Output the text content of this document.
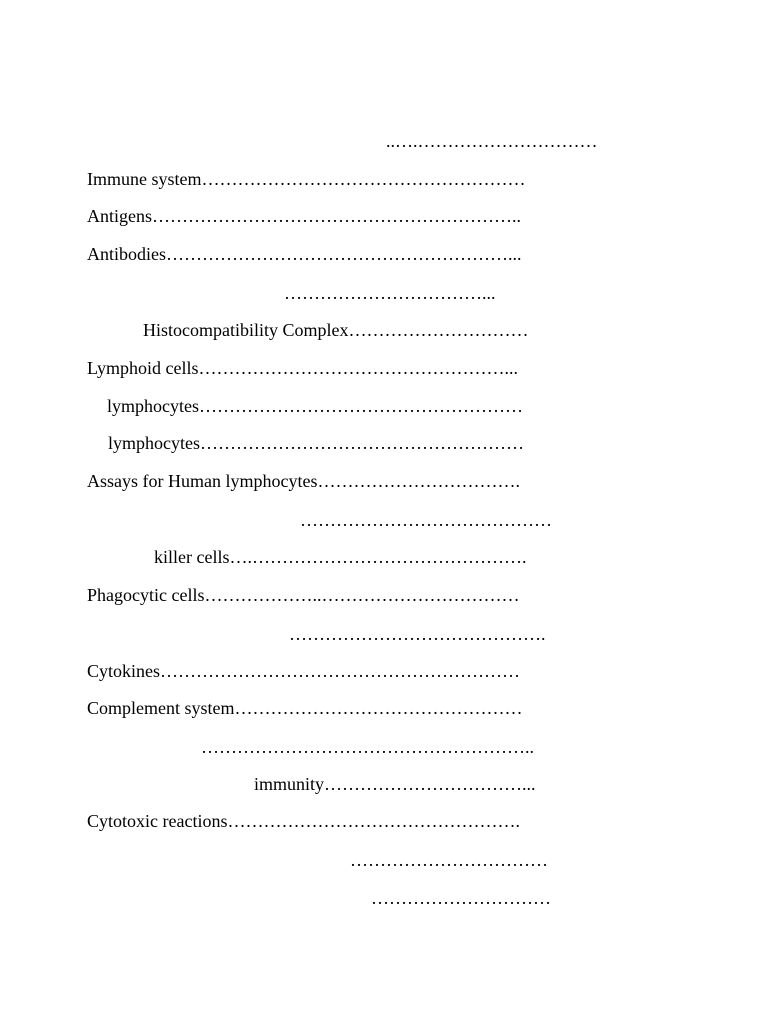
..….…………………………
Immune system………………………………………………
Antigens……………………………………………………..
Antibodies…………………………………………………...
……………………………...
Histocompatibility Complex…………………………
Lymphoid cells……………………………………………...
lymphocytes………………………………………………
lymphocytes………………………………………………
Assays for Human lymphocytes…………………………….
……………………………………
killer cells….……………………………………….
Phagocytic cells………………..……………………………
…………………………………….
Cytokines……………………………………………………
Complement system…………………………………………
………………………………………………..
immunity……………………………...
Cytotoxic reactions………………………………………….
……………………………
…………………………
